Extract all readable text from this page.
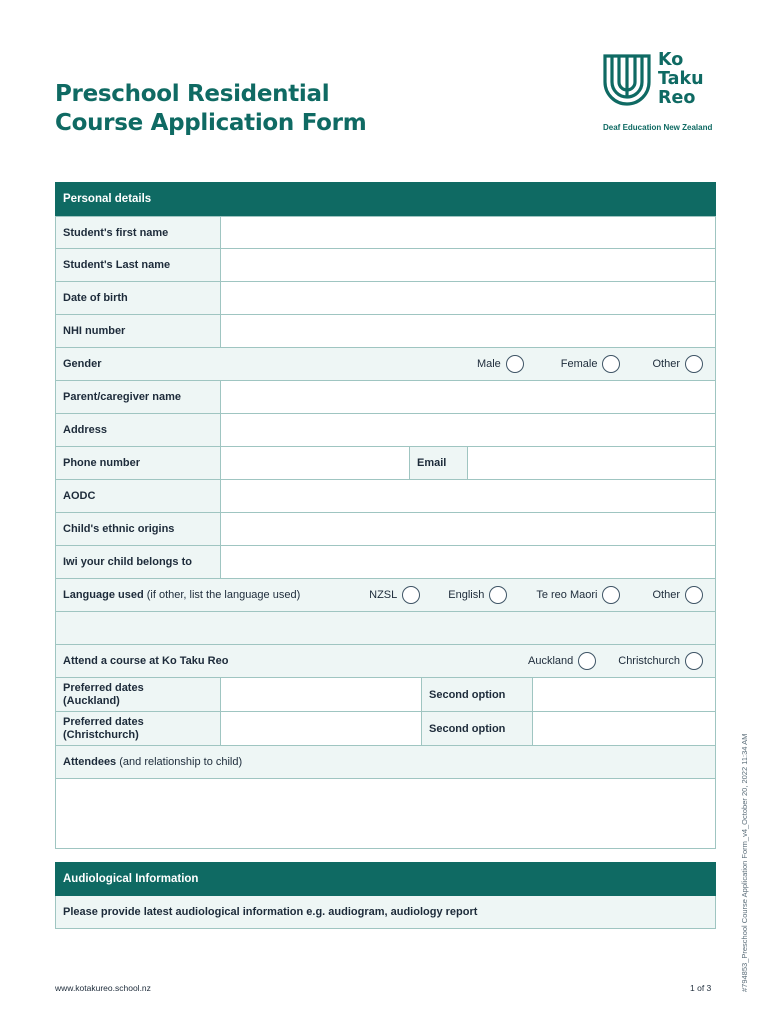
Preschool Residential
Course Application Form
Ko
Taku
Reo
Deaf Education New Zealand
Personal details
Student's first name
Student's Last name
Date of birth
NHI number
Gender	Male	Female	Other
Parent/caregiver name
Address
Phone number	Email
AODC
Child's ethnic origins
Iwi your child belongs to
Language used
(if other, list the language used)	NZSL	English	Te reo Maori	Other
Attend a course at Ko Taku Reo	Auckland	Christchurch
Preferred dates
(Auckland)	Second option
Preferred dates
(Christchurch)	Second option
Attendees
(and relationship to child)
Audiological Information
Please provide latest audiological information e.g. audiogram, audiology report
www.kotakureo.school.nz	1 of 3	#794853_Preschool Course Application Form_v4_October 20, 2022 11:34 AM
